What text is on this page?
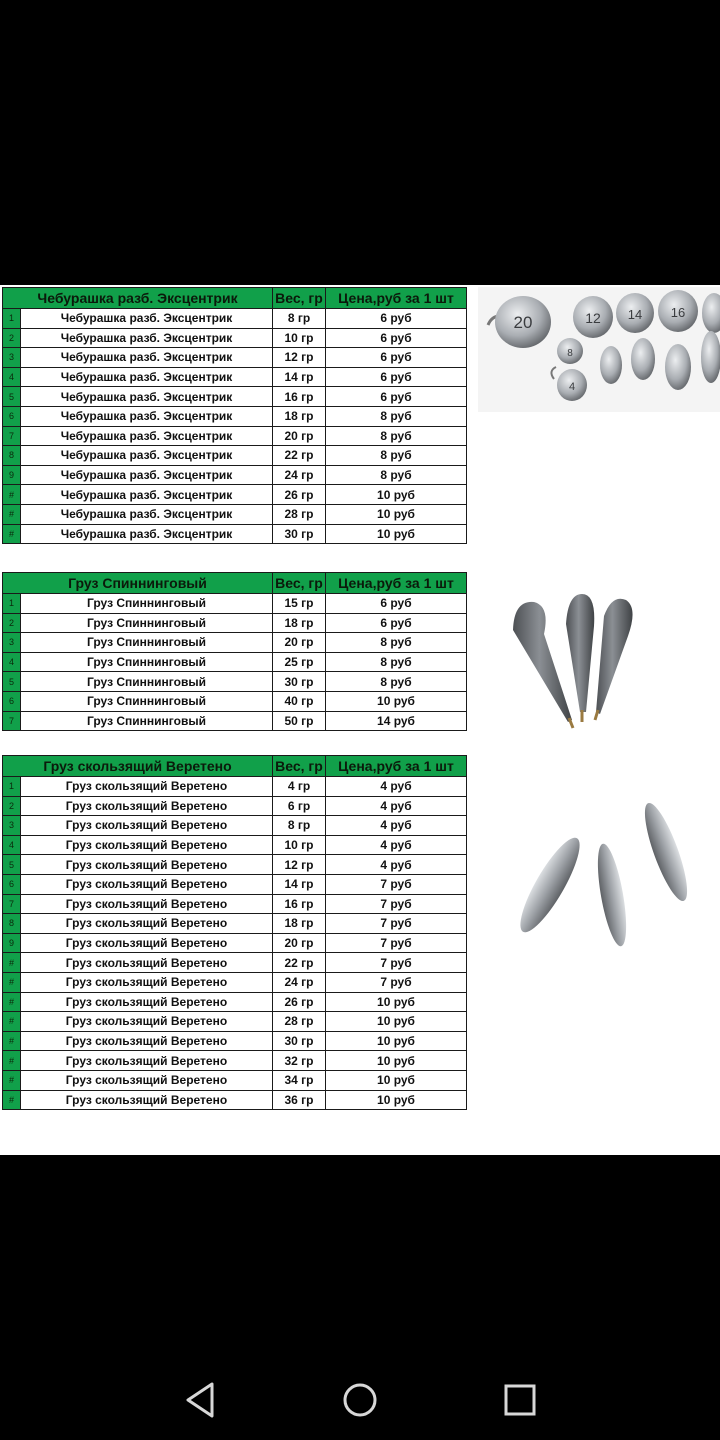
Чебурашка разб. Эксцентрик		Вес, гр	Цена,руб за 1 шт
1	Чебурашка разб. Эксцентрик	8 гр	6 руб
2	Чебурашка разб. Эксцентрик	10 гр	6 руб
3	Чебурашка разб. Эксцентрик	12 гр	6 руб
4	Чебурашка разб. Эксцентрик	14 гр	6 руб
5	Чебурашка разб. Эксцентрик	16 гр	6 руб
6	Чебурашка разб. Эксцентрик	18 гр	8 руб
7	Чебурашка разб. Эксцентрик	20 гр	8 руб
8	Чебурашка разб. Эксцентрик	22 гр	8 руб
9	Чебурашка разб. Эксцентрик	24 гр	8 руб
#	Чебурашка разб. Эксцентрик	26 гр	10 руб
#	Чебурашка разб. Эксцентрик	28 гр	10 руб
#	Чебурашка разб. Эксцентрик	30 гр	10 руб
Груз Спиннинговый		Вес, гр	Цена,руб за 1 шт
1	Груз Спиннинговый	15 гр	6 руб
2	Груз Спиннинговый	18 гр	6 руб
3	Груз Спиннинговый	20 гр	8 руб
4	Груз Спиннинговый	25 гр	8 руб
5	Груз Спиннинговый	30 гр	8 руб
6	Груз Спиннинговый	40 гр	10 руб
7	Груз Спиннинговый	50 гр	14 руб
Груз скользящий Веретено		Вес, гр	Цена,руб за 1 шт
1	Груз скользящий Веретено	4 гр	4 руб
2	Груз скользящий Веретено	6 гр	4 руб
3	Груз скользящий Веретено	8 гр	4 руб
4	Груз скользящий Веретено	10 гр	4 руб
5	Груз скользящий Веретено	12 гр	4 руб
6	Груз скользящий Веретено	14 гр	7 руб
7	Груз скользящий Веретено	16 гр	7 руб
8	Груз скользящий Веретено	18 гр	7 руб
9	Груз скользящий Веретено	20 гр	7 руб
#	Груз скользящий Веретено	22 гр	7 руб
#	Груз скользящий Веретено	24 гр	7 руб
#	Груз скользящий Веретено	26 гр	10 руб
#	Груз скользящий Веретено	28 гр	10 руб
#	Груз скользящий Веретено	30 гр	10 руб
#	Груз скользящий Веретено	32 гр	10 руб
#	Груз скользящий Веретено	34 гр	10 руб
#	Груз скользящий Веретено	36 гр	10 руб
20	12 14 16
8
4
